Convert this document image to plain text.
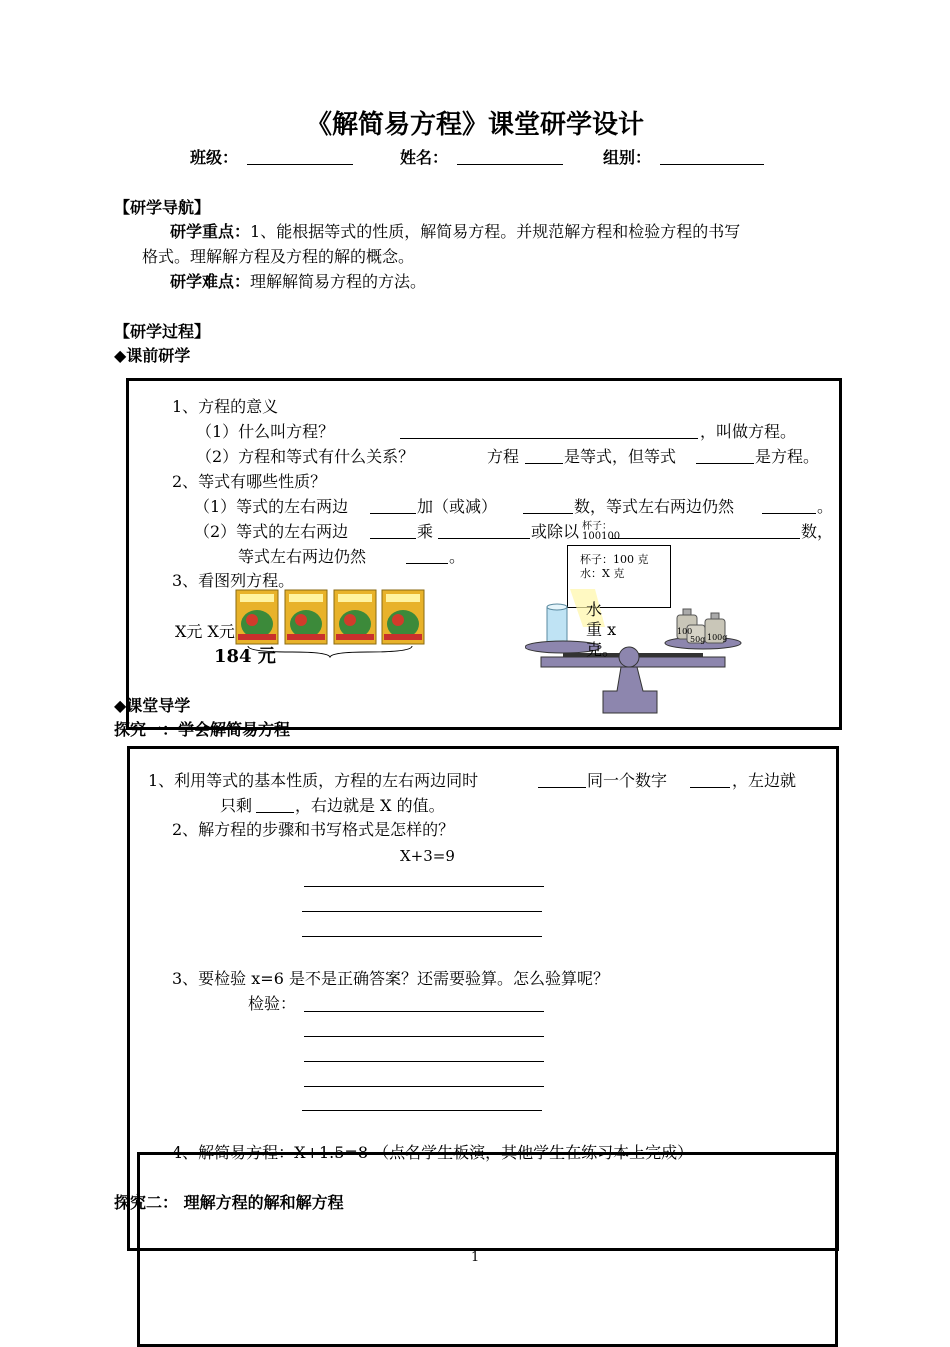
《解简易方程》课堂研学设计
班级：	姓名：	组别：
【研学导航】
研学重点：1、能根据等式的性质，解简易方程。并规范解方程和检验方程的书写
格式。理解解方程及方程的解的概念。
研学难点：理解解简易方程的方法。
【研学过程】
◆课前研学
1、方程的意义
（1）什么叫方程？	，叫做方程。
（2）方程和等式有什么关系？	方程	是等式，但等式	是方程。
2、等式有哪些性质？
（1）等式的左右两边	加（或减）	数，等式左右两边仍然	。
（2）等式的左右两边	乘	或除以 杯子：
100100	数，
等式左右两边仍然	。
3、看图列方程。
X元 X元
184 元
杯子：100 克
水：X 克
100
50g 100g
水
重 x
克。
◆课堂导学
探究一：学会解简易方程
1、利用等式的基本性质，方程的左右两边同时	同一个数字	，左边就
只剩	，右边就是 X 的值。
2、解方程的步骤和书写格式是怎样的？
X+3=9
3、要检验 x=6 是不是正确答案？还需要验算。怎么验算呢？
检验：
4、解简易方程：X+1.5=8 （点名学生板演，其他学生在练习本上完成）
探究二： 理解方程的解和解方程
1
